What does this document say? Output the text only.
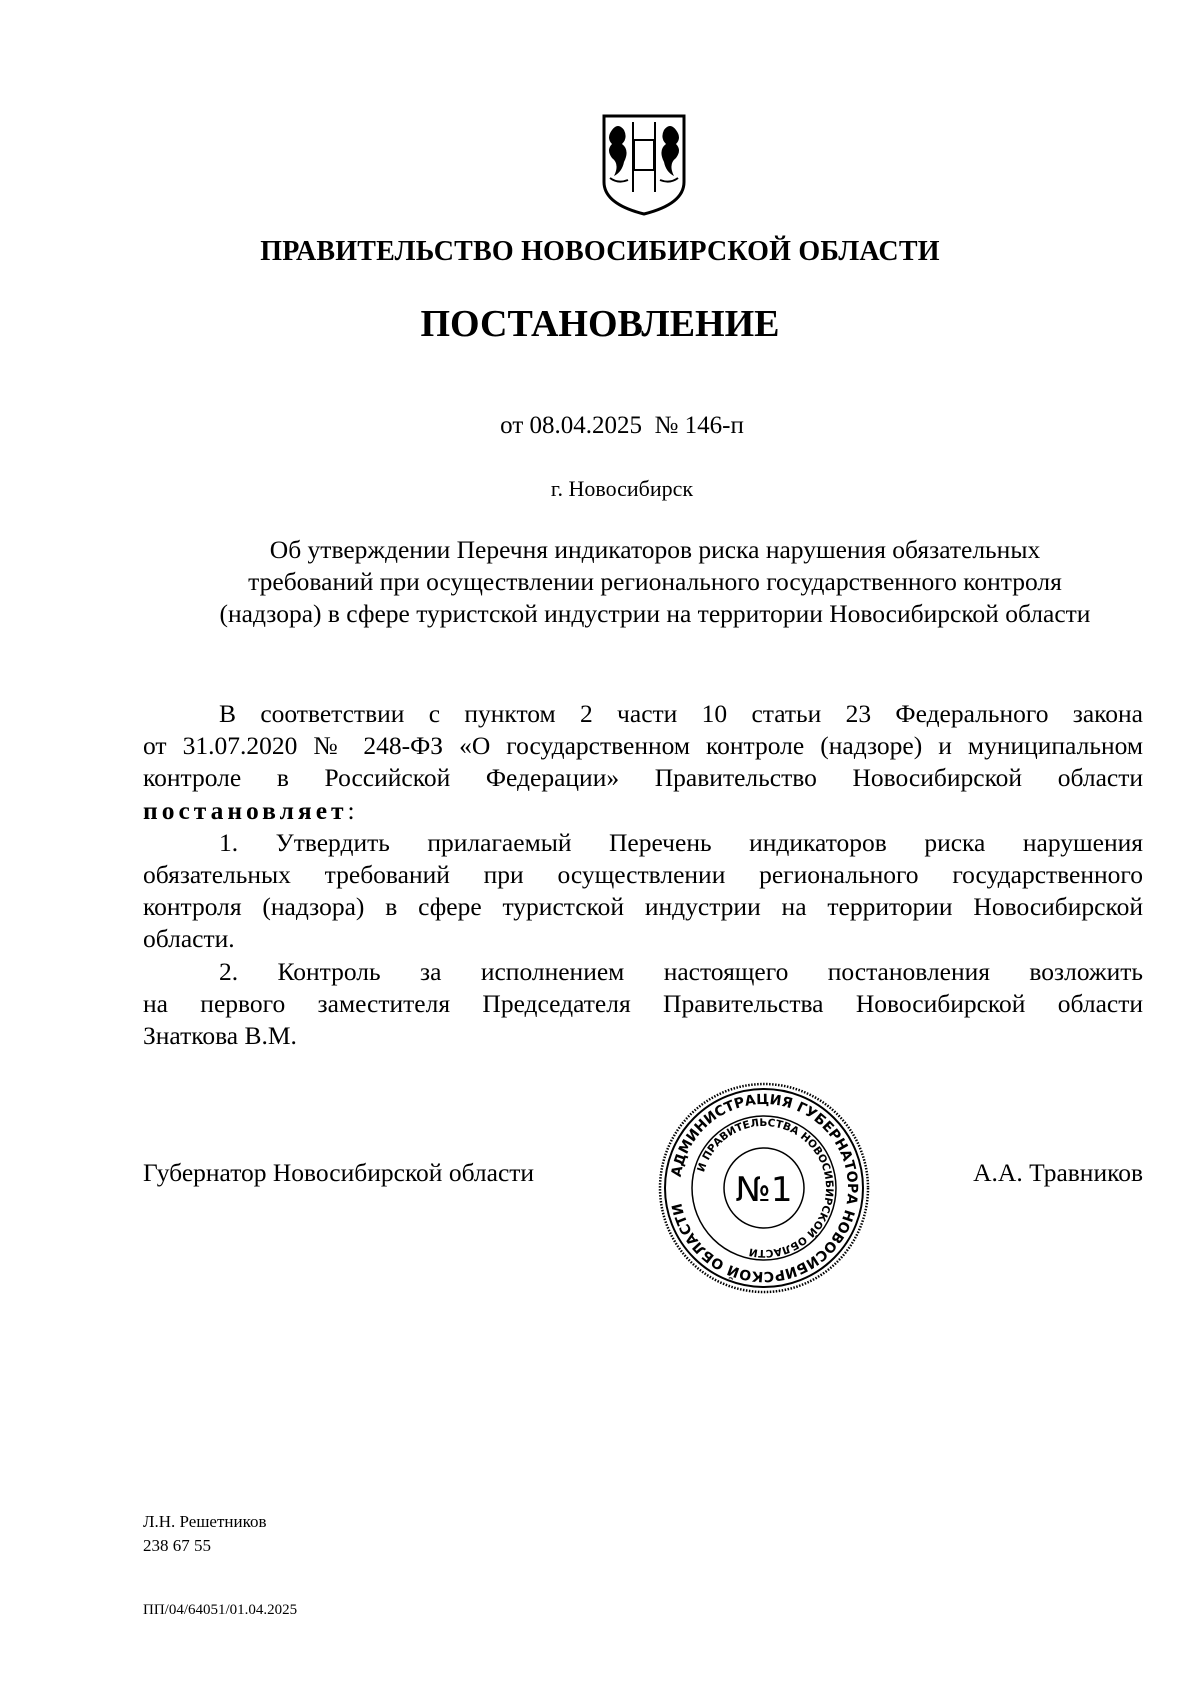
ПРАВИТЕЛЬСТВО НОВОСИБИРСКОЙ ОБЛАСТИ
ПОСТАНОВЛЕНИЕ
от 08.04.2025  № 146-п
г. Новосибирск
Об утверждении Перечня индикаторов риска нарушения обязательных
требований при осуществлении регионального государственного контроля
(надзора) в сфере туристской индустрии на территории Новосибирской области
В соответствии с пунктом 2 части 10 статьи 23 Федерального закона
от 31.07.2020 № 248-ФЗ «О государственном контроле (надзоре) и муниципальном
контроле в Российской Федерации» Правительство Новосибирской области
постановляет:
1. Утвердить прилагаемый Перечень индикаторов риска нарушения
обязательных требований при осуществлении регионального государственного
контроля (надзора) в сфере туристской индустрии на территории Новосибирской
области.
2. Контроль за исполнением настоящего постановления возложить
на первого заместителя Председателя Правительства Новосибирской области
Знаткова В.М.
Губернатор Новосибирской области	А.А. Травников
АДМИНИСТРАЦИЯ ГУБЕРНАТОРА НОВОСИБИРСКОЙ ОБЛАСТИ
И ПРАВИТЕЛЬСТВА НОВОСИБИРСКОЙ ОБЛАСТИ
№1
Л.Н. Решетников
238 67 55
ПП/04/64051/01.04.2025
